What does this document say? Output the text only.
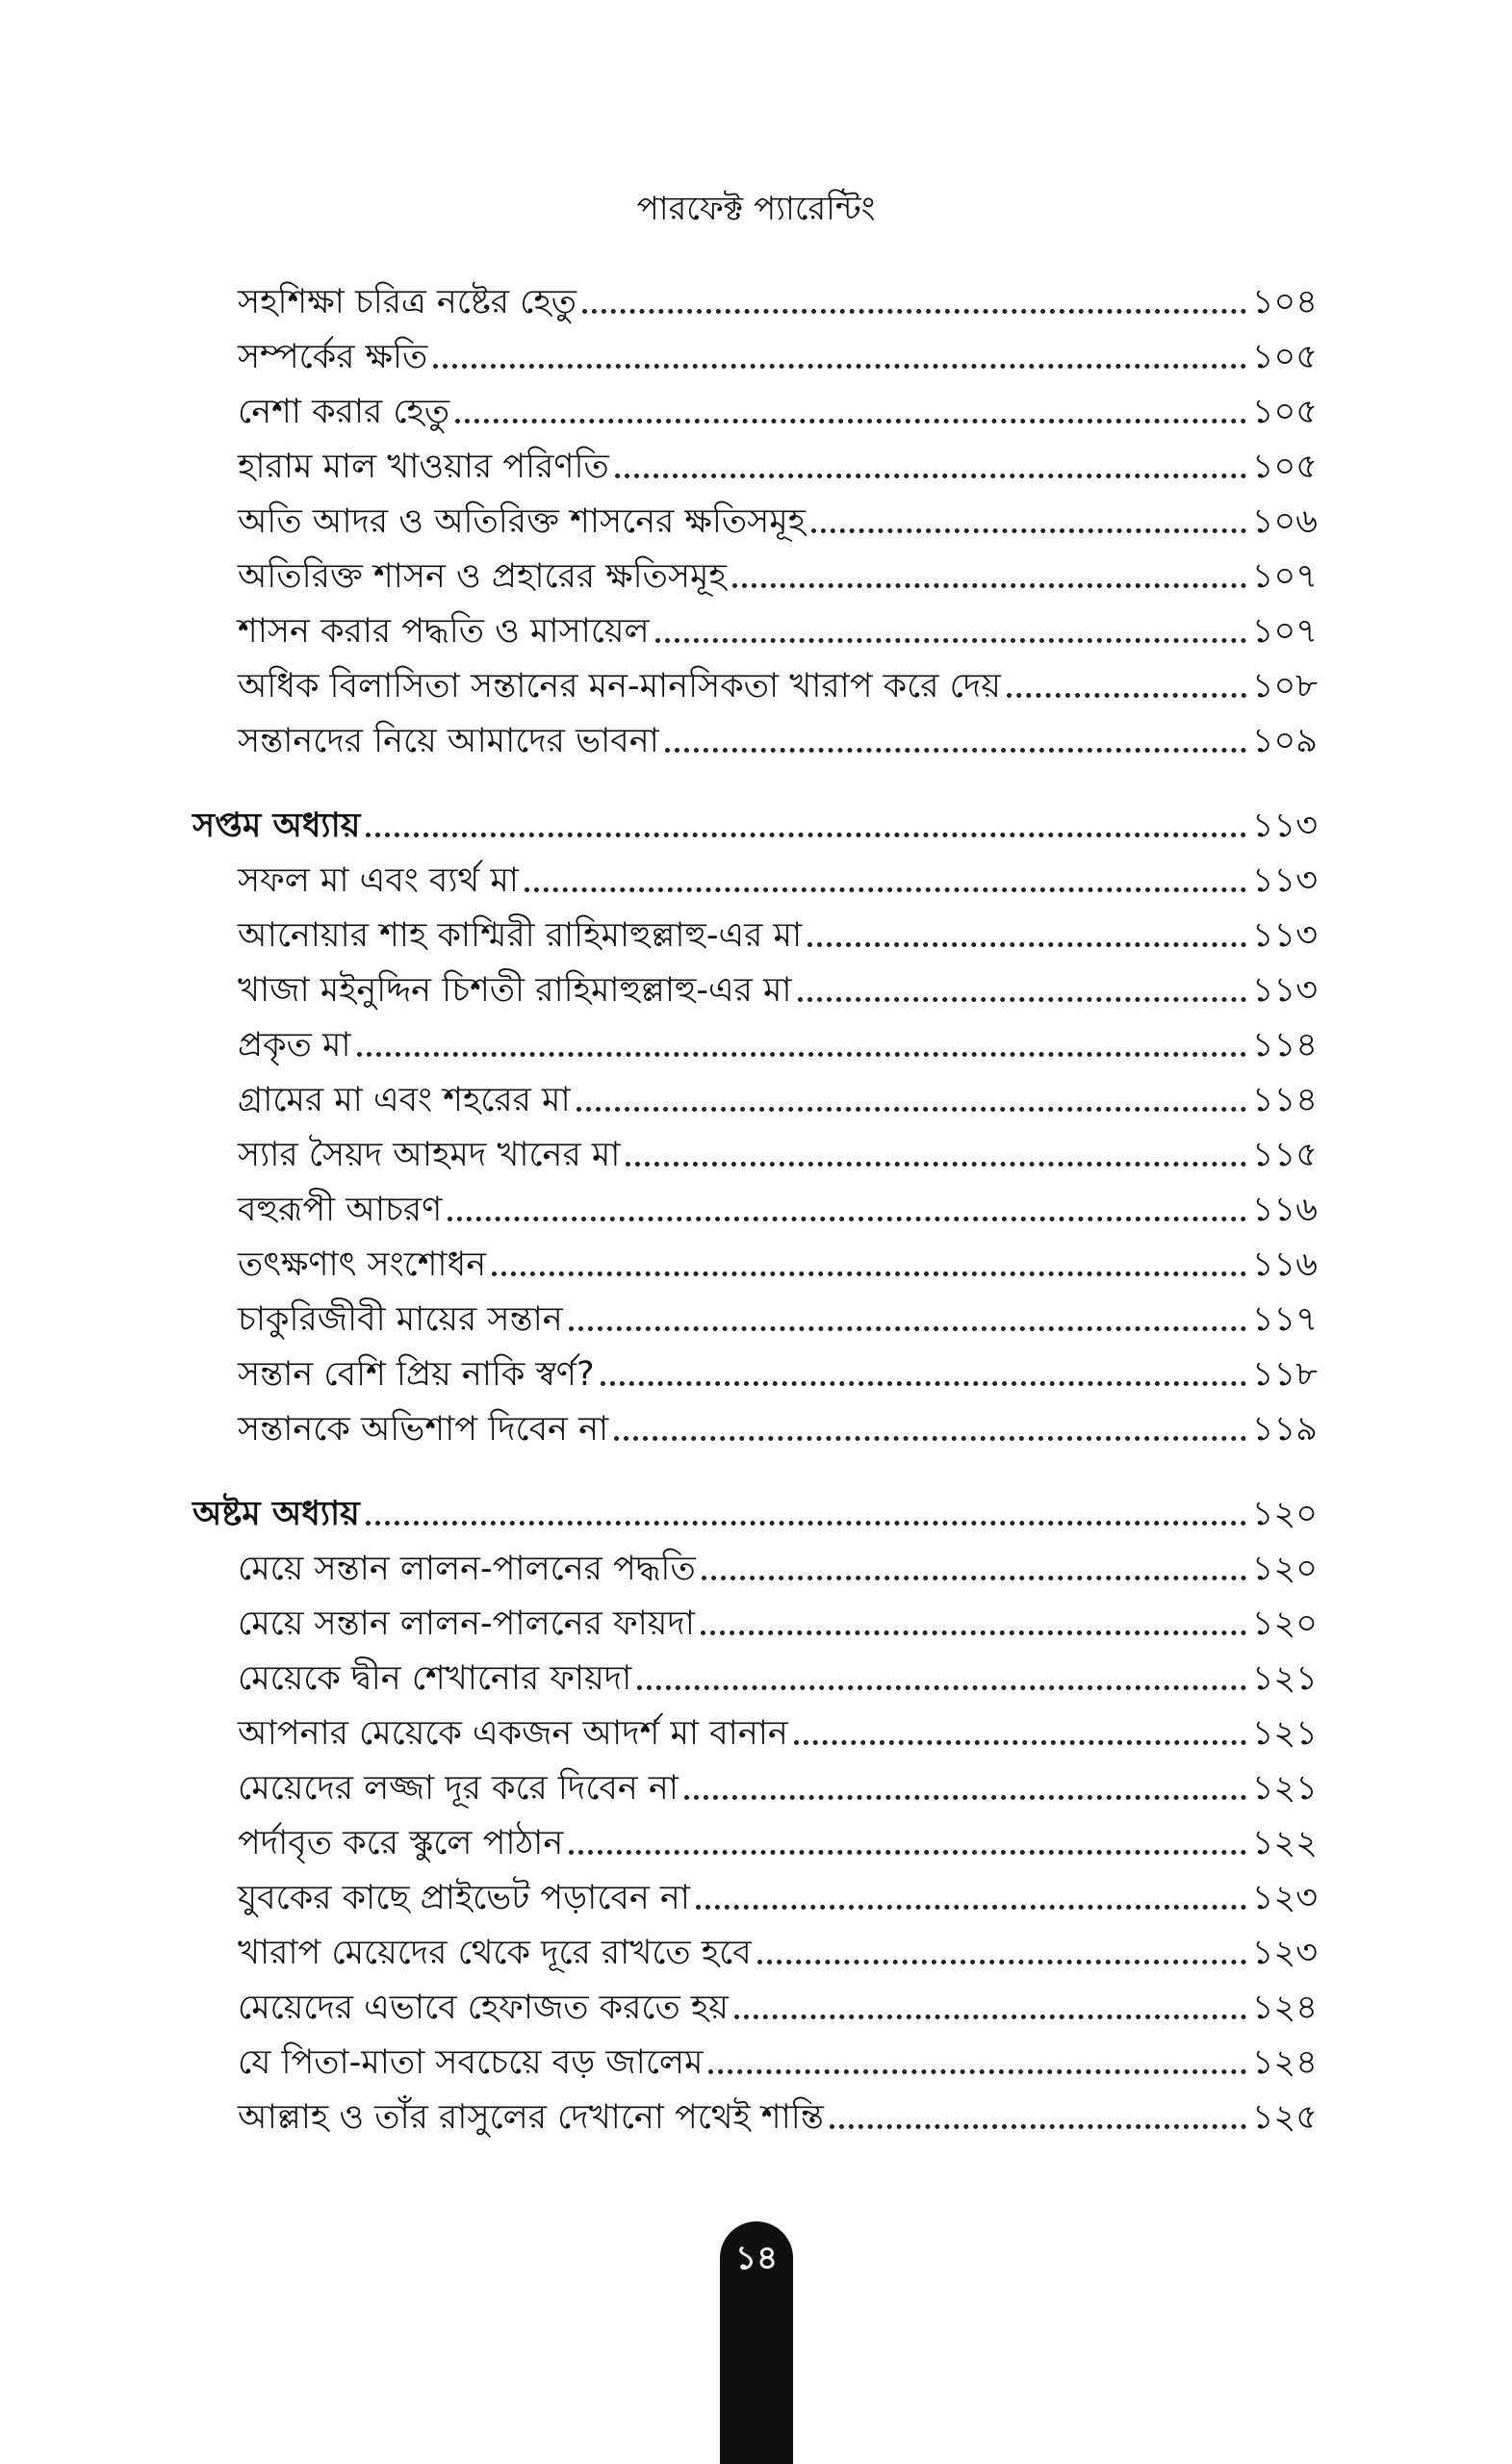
পারফেক্ট প্যারেন্টিং
সহশিক্ষা চরিত্র নষ্টের হেতু	১০৪
সম্পর্কের ক্ষতি	১০৫
নেশা করার হেতু	১০৫
হারাম মাল খাওয়ার পরিণতি	১০৫
অতি আদর ও অতিরিক্ত শাসনের ক্ষতিসমূহ	১০৬
অতিরিক্ত শাসন ও প্রহারের ক্ষতিসমূহ	১০৭
শাসন করার পদ্ধতি ও মাসায়েল	১০৭
অধিক বিলাসিতা সন্তানের মন-মানসিকতা খারাপ করে দেয়	১০৮
সন্তানদের নিয়ে আমাদের ভাবনা	১০৯
সপ্তম অধ্যায়	১১৩
সফল মা এবং ব্যর্থ মা	১১৩
আনোয়ার শাহ কাশ্মিরী রাহিমাহুল্লাহু-এর মা	১১৩
খাজা মইনুদ্দিন চিশতী রাহিমাহুল্লাহু-এর মা	১১৩
প্রকৃত মা	১১৪
গ্রামের মা এবং শহরের মা	১১৪
স্যার সৈয়দ আহমদ খানের মা	১১৫
বহুরূপী আচরণ	১১৬
তৎক্ষণাৎ সংশোধন	১১৬
চাকুরিজীবী মায়ের সন্তান	১১৭
সন্তান বেশি প্রিয় নাকি স্বর্ণ?	১১৮
সন্তানকে অভিশাপ দিবেন না	১১৯
অষ্টম অধ্যায়	১২০
মেয়ে সন্তান লালন-পালনের পদ্ধতি	১২০
মেয়ে সন্তান লালন-পালনের ফায়দা	১২০
মেয়েকে দ্বীন শেখানোর ফায়দা	১২১
আপনার মেয়েকে একজন আদর্শ মা বানান	১২১
মেয়েদের লজ্জা দূর করে দিবেন না	১২১
পর্দাবৃত করে স্কুলে পাঠান	১২২
যুবকের কাছে প্রাইভেট পড়াবেন না	১২৩
খারাপ মেয়েদের থেকে দূরে রাখতে হবে	১২৩
মেয়েদের এভাবে হেফাজত করতে হয়	১২৪
যে পিতা-মাতা সবচেয়ে বড় জালেম	১২৪
আল্লাহ ও তাঁর রাসুলের দেখানো পথেই শান্তি	১২৫
১৪
